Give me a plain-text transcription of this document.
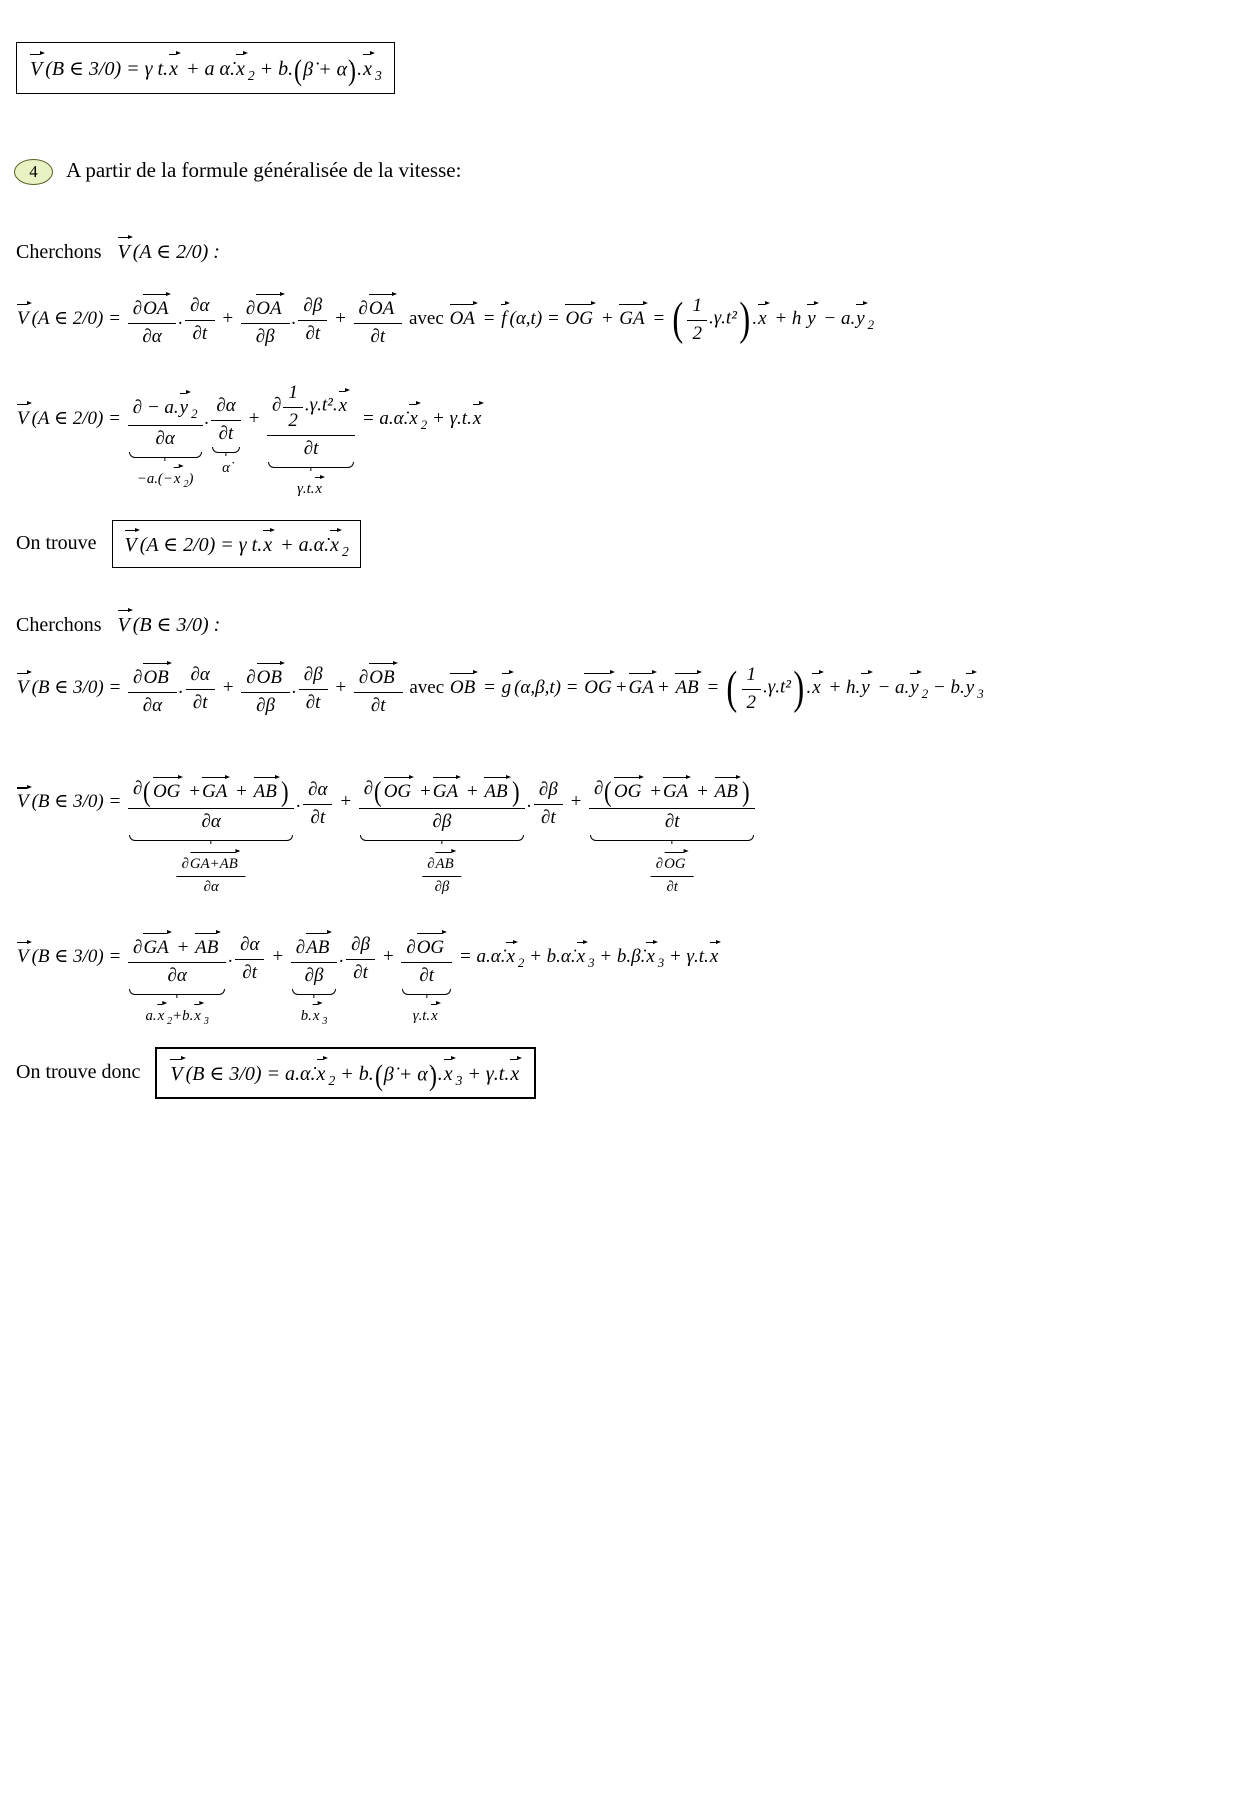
V (B ∈ 3/0) = γ t.x + a α̇.x $_2$ + b.(β̇ + α̇).x $_3$
4 A partir de la formule généralisée de la vitesse:
Cherchons V (A ∈ 2/0) :
V (A ∈ $2/0) = \frac{\partial OA}{\partial\alpha}$ . $\frac{\partial\alpha}{\partial t} + \frac{\partial OA}{\partial\beta}$ . $\frac{\partial\beta}{\partial t} + \frac{\partial OA}{\partial t}$ avec OA = f (α,t) = OG + GA = ( $\frac{1}{2} .\gamma.t^2$) .x + h y − a.y $_2$
V (A ∈ $2/0) = \frac{\partial - a.y _2}{\partial\alpha}$
−a.(−x $_2$)
. $\frac{\partial\alpha}{\partial t}$
α̇
+ $\frac{\partial \frac{1}{2} .\gamma.t^2.x}{\partial t}$
γ.t.x
= a.α̇.x $_2$ + γ.t.x
On trouve V (A ∈ 2/0) = γ t.x + a.α̇.x $_2$
Cherchons V (B ∈ 3/0) :
V (B ∈ $3/0) = \frac{\partial OB}{\partial\alpha}$ . $\frac{\partial\alpha}{\partial t} + \frac{\partial OB}{\partial\beta}$ . $\frac{\partial\beta}{\partial t} + \frac{\partial OB}{\partial t}$ avec OB = g (α,β,t) = OG +GA + AB = ( $\frac{1}{2} .\gamma.t^2$) .x + h.y − a.y $_2$ − b.y $_3$
V (B ∈ $3/0) = \frac{\partial( OG +GA + AB )}{\partial\alpha}$
$\frac{\partial GA+AB}{\partial\alpha}$
. $\frac{\partial\alpha}{\partial t} + \frac{\partial( OG +GA + AB )}{\partial\beta}$
$\frac{\partial AB}{\partial\beta}$
. $\frac{\partial\beta}{\partial t} + \frac{\partial( OG +GA + AB )}{\partial t}$
$\frac{\partial OG}{\partial t}$
V (B ∈ $3/0) = \frac{\partial GA + AB}{\partial\alpha}$
a.x $_2$+b.x $_3$
. $\frac{\partial\alpha}{\partial t} + \frac{\partial AB}{\partial\beta}$
b.x $_3$
. $\frac{\partial\beta}{\partial t} + \frac{\partial OG}{\partial t}$
γ.t.x
= a.α̇.x $_2$ + b.α̇.x $_3$ + b.β̇.x $_3$ + γ.t.x
On trouve donc V (B ∈ 3/0) = a.α̇.x $_2$ + b.(β̇ + α̇).x $_3$ + γ.t.x
